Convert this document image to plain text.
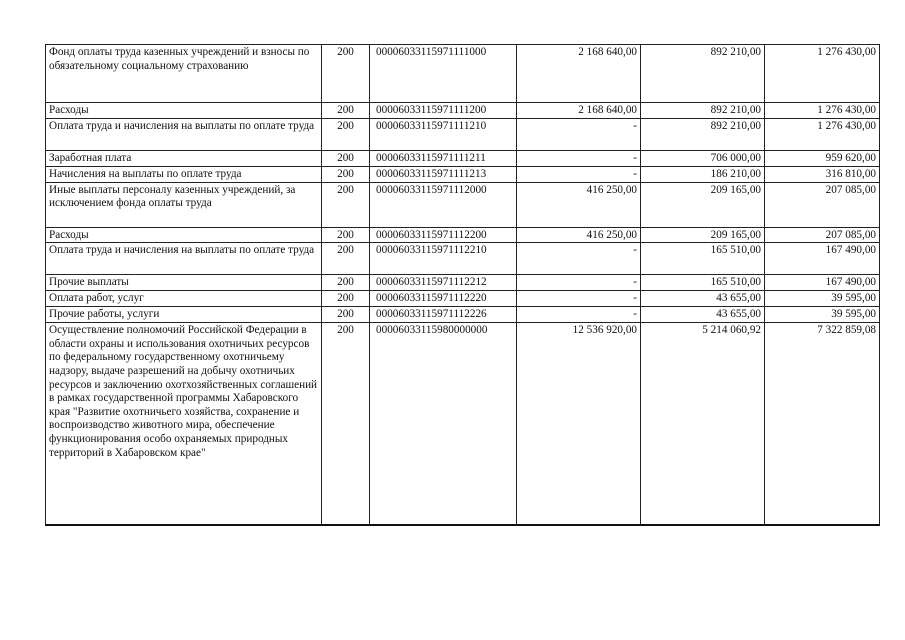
Фонд оплаты труда казенных учреждений и взносы по обязательному социальному страхованию	200	00006033115971111000	2 168 640,00	892 210,00	1 276 430,00
Расходы	200	00006033115971111200	2 168 640,00	892 210,00	1 276 430,00
Оплата труда и начисления на выплаты по оплате труда	200	00006033115971111210	-	892 210,00	1 276 430,00
Заработная плата	200	00006033115971111211	-	706 000,00	959 620,00
Начисления на выплаты по оплате труда	200	00006033115971111213	-	186 210,00	316 810,00
Иные выплаты персоналу казенных учреждений, за исключением фонда оплаты труда	200	00006033115971112000	416 250,00	209 165,00	207 085,00
Расходы	200	00006033115971112200	416 250,00	209 165,00	207 085,00
Оплата труда и начисления на выплаты по оплате труда	200	00006033115971112210	-	165 510,00	167 490,00
Прочие выплаты	200	00006033115971112212	-	165 510,00	167 490,00
Оплата работ, услуг	200	00006033115971112220	-	43 655,00	39 595,00
Прочие работы, услуги	200	00006033115971112226	-	43 655,00	39 595,00
Осуществление полномочий Российской Федерации в области охраны и использования охотничьих ресурсов по федеральному государственному охотничьему надзору, выдаче разрешений на добычу охотничьих ресурсов и заключению охотхозяйственных соглашений в рамках государственной программы Хабаровского края "Развитие охотничьего хозяйства, сохранение и воспроизводство животного мира, обеспечение функционирования особо охраняемых природных территорий в Хабаровском крае"	200	00006033115980000000	12 536 920,00	5 214 060,92	7 322 859,08
